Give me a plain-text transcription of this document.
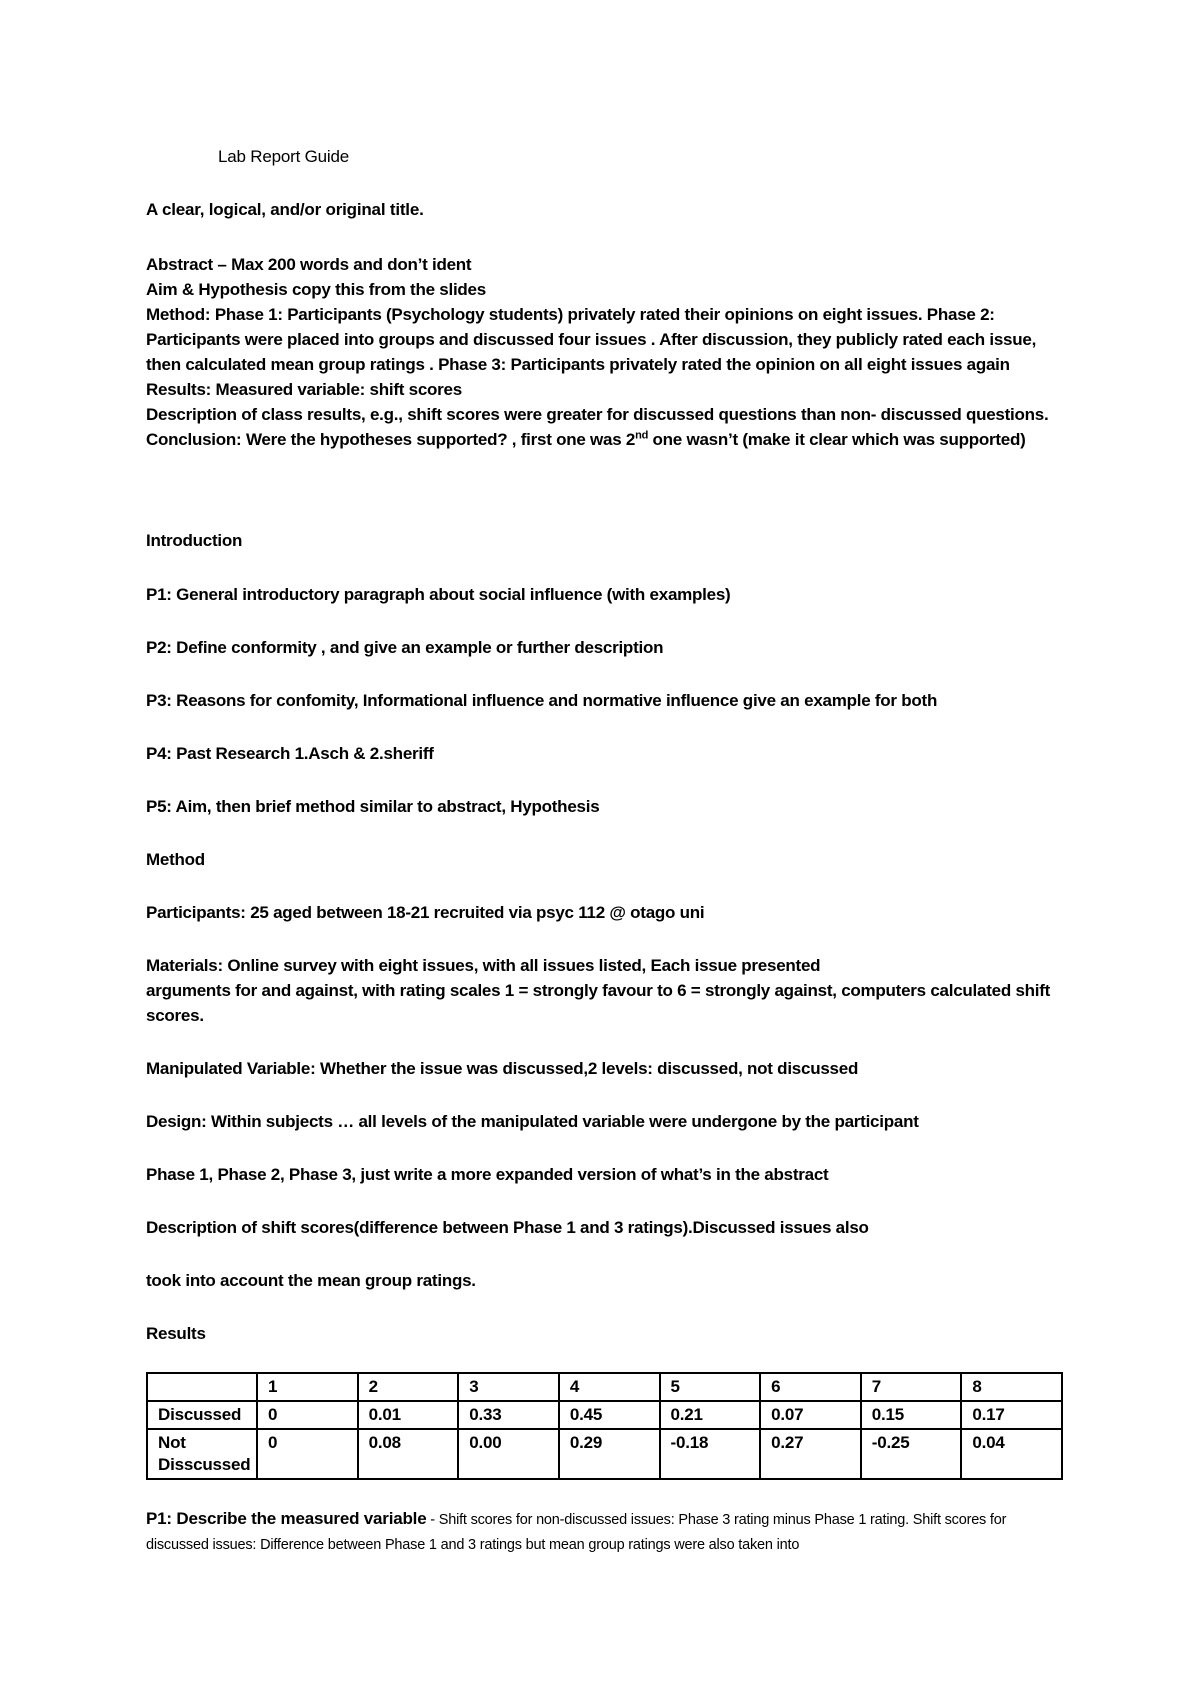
Lab Report Guide
A clear, logical, and/or original title.

Abstract – Max 200 words and don’t ident

Aim & Hypothesis copy this from the slides

Method: Phase 1: Participants (Psychology students) privately rated their opinions on eight issues. Phase 2: Participants were placed into groups and discussed four issues . After discussion, they publicly rated each issue, then calculated mean group ratings . Phase 3: Participants privately rated the opinion on all eight issues again

Results: Measured variable: shift scores

Description of class results, e.g., shift scores were greater for discussed questions than non- discussed questions. Conclusion: Were the hypotheses supported? , first one was 2nd one wasn’t (make it clear which was supported)

Introduction

P1: General introductory paragraph about social influence (with examples)

P2: Define conformity , and give an example or further description

P3: Reasons for confomity, Informational influence and normative influence give an example for both

P4: Past Research 1.Asch & 2.sheriff

P5: Aim, then brief method similar to abstract, Hypothesis

Method

Participants: 25 aged between 18-21 recruited via psyc 112 @ otago uni

Materials: Online survey with eight issues, with all issues listed, Each issue presented

arguments for and against, with rating scales 1 = strongly favour to 6 = strongly against, computers calculated shift scores.

Manipulated Variable: Whether the issue was discussed,2 levels: discussed, not discussed

Design: Within subjects … all levels of the manipulated variable were undergone by the participant

Phase 1, Phase 2, Phase 3, just write a more expanded version of what’s in the abstract

Description of shift scores(difference between Phase 1 and 3 ratings).Discussed issues also

took into account the mean group ratings.

Results

	1	2	3	4	5	6	7	8
Discussed	0	0.01	0.33	0.45	0.21	0.07	0.15	0.17
Not Disscussed	0	0.08	0.00	0.29	-0.18	0.27	-0.25	0.04
P1: Describe the measured variable - Shift scores for non-discussed issues: Phase 3 rating minus Phase 1 rating. Shift scores for discussed issues: Difference between Phase 1 and 3 ratings but mean group ratings were also taken into
